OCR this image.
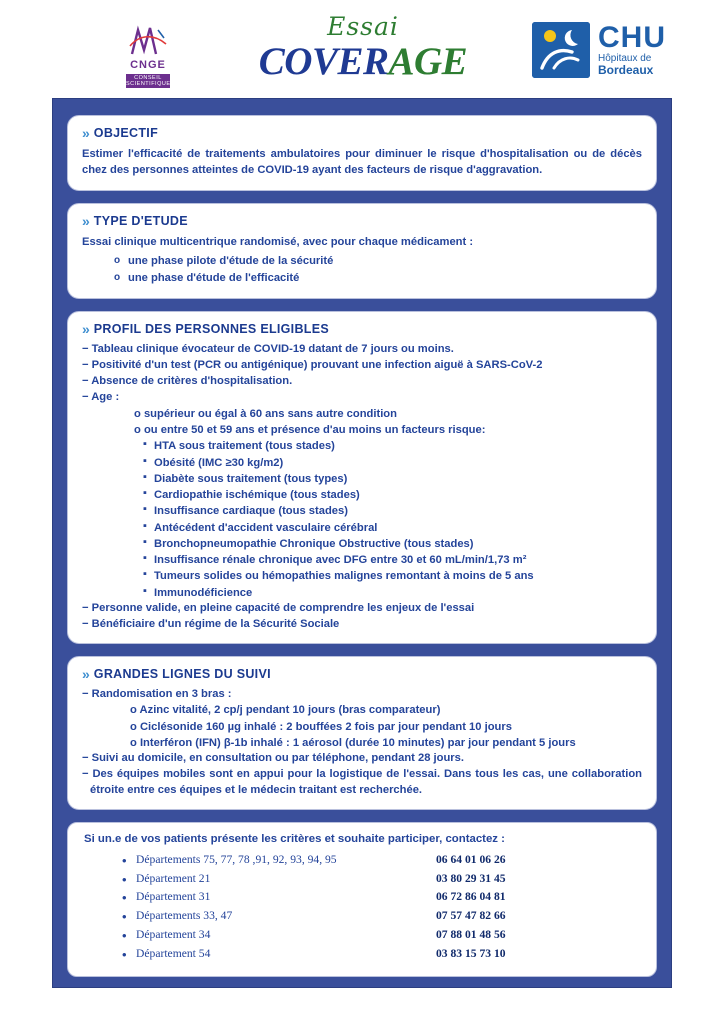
CNGE
CONSEIL SCIENTIFIQUE
Essai
COVERAGE
CHU
Hôpitaux de
Bordeaux
» OBJECTIF

Estimer l'efficacité de traitements ambulatoires pour diminuer le risque d'hospitalisation ou de décès chez des personnes atteintes de COVID-19 ayant des facteurs de risque d'aggravation.

» TYPE D'ETUDE

Essai clinique multicentrique randomisé, avec pour chaque médicament :

o une phase pilote d'étude de la sécurité
o une phase d'étude de l'efficacité
» PROFIL DES PERSONNES ELIGIBLES

− Tableau clinique évocateur de COVID-19 datant de 7 jours ou moins.

− Positivité d'un test (PCR ou antigénique) prouvant une infection aiguë à SARS-CoV-2

− Absence de critères d'hospitalisation.

− Age :

o supérieur ou égal à 60 ans sans autre condition

o ou entre 50 et 59 ans et présence d'au moins un facteurs risque:

▪ HTA sous traitement (tous stades)
▪ Obésité (IMC ≥30 kg/m2)
▪ Diabète sous traitement (tous types)
▪ Cardiopathie ischémique (tous stades)
▪ Insuffisance cardiaque (tous stades)
▪ Antécédent d'accident vasculaire cérébral
▪ Bronchopneumopathie Chronique Obstructive (tous stades)
▪ Insuffisance rénale chronique avec DFG entre 30 et 60 mL/min/1,73 m²
▪ Tumeurs solides ou hémopathies malignes remontant à moins de 5 ans
▪ Immunodéficience

− Personne valide, en pleine capacité de comprendre les enjeux de l'essai

− Bénéficiaire d'un régime de la Sécurité Sociale

» GRANDES LIGNES DU SUIVI

− Randomisation en 3 bras :

o Azinc vitalité, 2 cp/j pendant 10 jours (bras comparateur)

o Ciclésonide 160 µg inhalé : 2 bouffées 2 fois par jour pendant 10 jours

o Interféron (IFN) β-1b inhalé : 1 aérosol (durée 10 minutes) par jour pendant 5 jours

− Suivi au domicile, en consultation ou par téléphone, pendant 28 jours.

− Des équipes mobiles sont en appui pour la logistique de l'essai. Dans tous les cas, une collaboration étroite entre ces équipes et le médecin traitant est recherchée.

Si un.e de vos patients présente les critères et souhaite participer, contactez :
• Départements 75, 77, 78 ,91, 92, 93, 94, 95	06 64 01 06 26
• Département 21	03 80 29 31 45
• Département 31	06 72 86 04 81
• Départements 33, 47	07 57 47 82 66
• Département 34	07 88 01 48 56
• Département 54	03 83 15 73 10
